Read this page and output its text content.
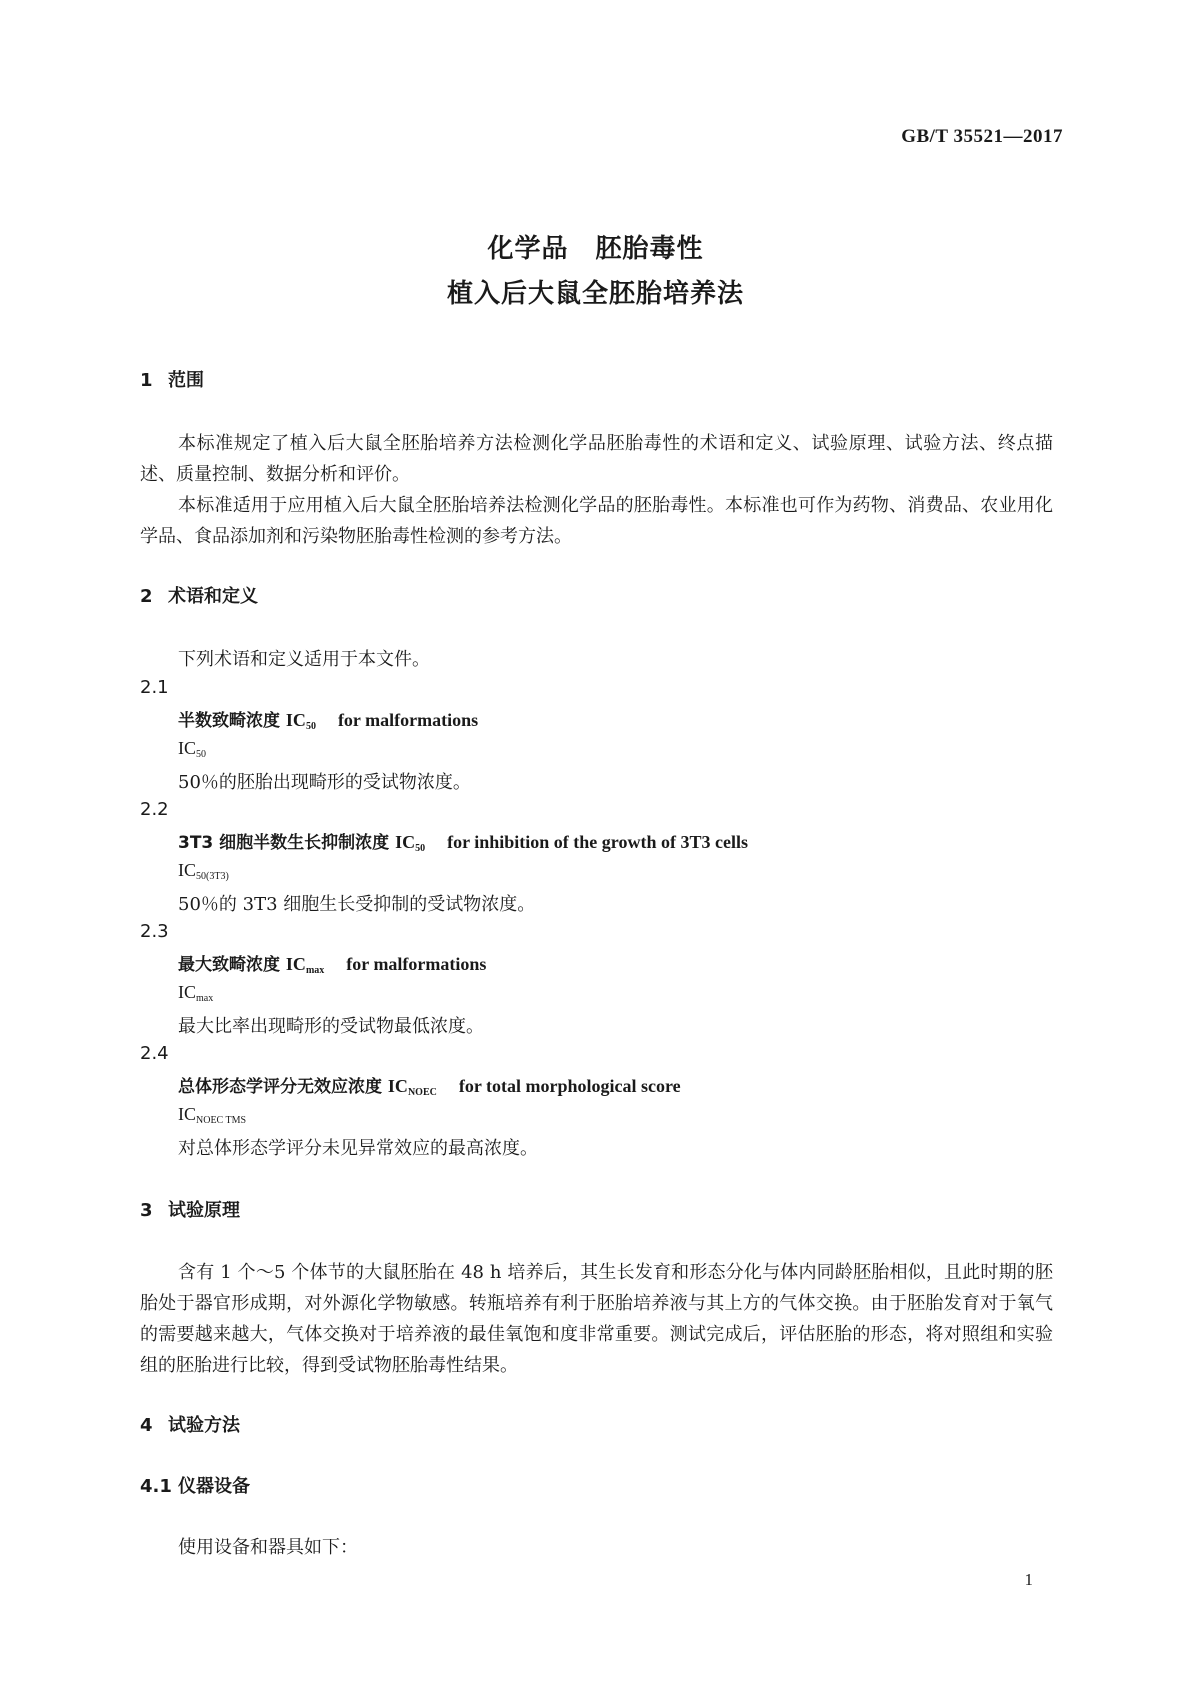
GB/T 35521—2017
化学品　胚胎毒性
植入后大鼠全胚胎培养法
1 范围
本标准规定了植入后大鼠全胚胎培养方法检测化学品胚胎毒性的术语和定义、试验原理、试验方法、终点描述、质量控制、数据分析和评价。
本标准适用于应用植入后大鼠全胚胎培养法检测化学品的胚胎毒性。本标准也可作为药物、消费品、农业用化学品、食品添加剂和污染物胚胎毒性检测的参考方法。
2 术语和定义
下列术语和定义适用于本文件。
2.1
半数致畸浓度 $IC_{50}$ for malformations
$IC_{50}$
50％的胚胎出现畸形的受试物浓度。
2.2
3T3 细胞半数生长抑制浓度 $IC_{50}$ for inhibition of the growth of 3T3 cells
$IC_{50(3T3)}$
50％的 3T3 细胞生长受抑制的受试物浓度。
2.3
最大致畸浓度 $IC_{max}$ for malformations
$IC_{max}$
最大比率出现畸形的受试物最低浓度。
2.4
总体形态学评分无效应浓度 $IC_{NOEC}$ for total morphological score
$IC_{NOEC TMS}$
对总体形态学评分未见异常效应的最高浓度。
3 试验原理
含有 1 个～5 个体节的大鼠胚胎在 48 h 培养后，其生长发育和形态分化与体内同龄胚胎相似，且此时期的胚胎处于器官形成期，对外源化学物敏感。转瓶培养有利于胚胎培养液与其上方的气体交换。由于胚胎发育对于氧气的需要越来越大，气体交换对于培养液的最佳氧饱和度非常重要。测试完成后，评估胚胎的形态，将对照组和实验组的胚胎进行比较，得到受试物胚胎毒性结果。
4 试验方法
4.1 仪器设备
使用设备和器具如下：
1
